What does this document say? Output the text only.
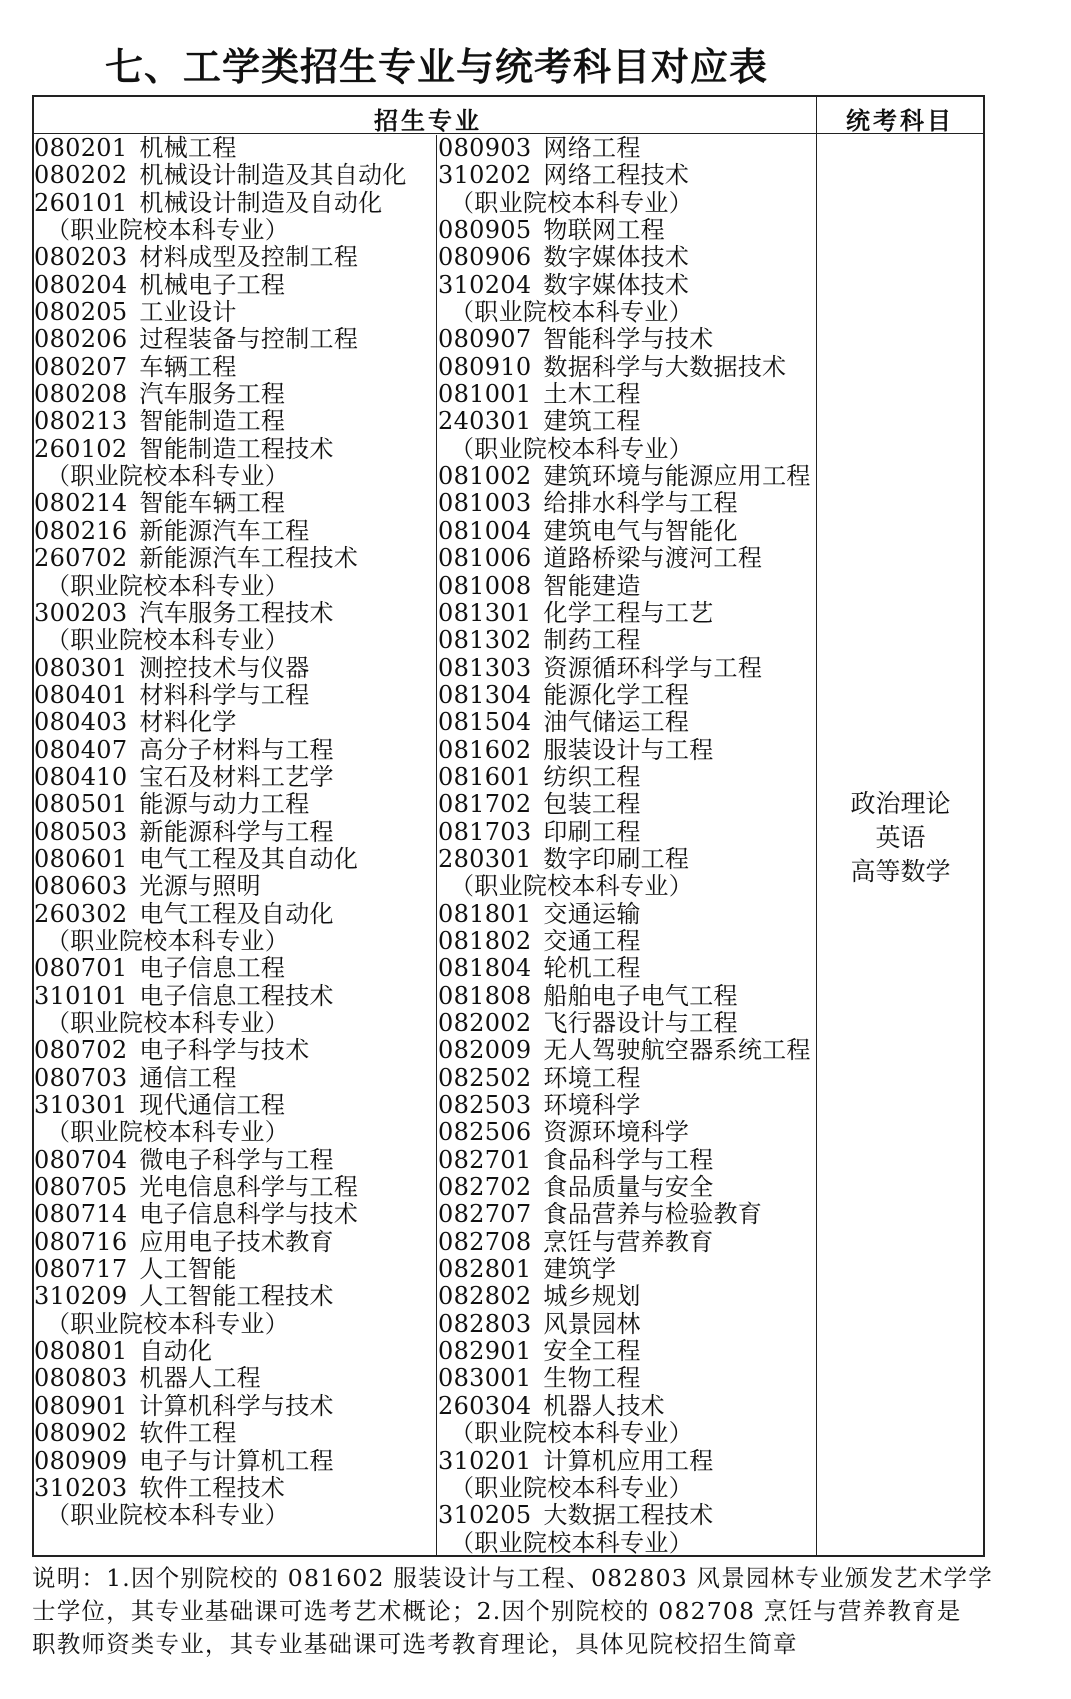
七、工学类招生专业与统考科目对应表
招生专业	统考科目
080201 机械工程
080202 机械设计制造及其自动化
260101 机械设计制造及自动化
（职业院校本科专业）
080203 材料成型及控制工程
080204 机械电子工程
080205 工业设计
080206 过程装备与控制工程
080207 车辆工程
080208 汽车服务工程
080213 智能制造工程
260102 智能制造工程技术
（职业院校本科专业）
080214 智能车辆工程
080216 新能源汽车工程
260702 新能源汽车工程技术
（职业院校本科专业）
300203 汽车服务工程技术
（职业院校本科专业）
080301 测控技术与仪器
080401 材料科学与工程
080403 材料化学
080407 高分子材料与工程
080410 宝石及材料工艺学
080501 能源与动力工程
080503 新能源科学与工程
080601 电气工程及其自动化
080603 光源与照明
260302 电气工程及自动化
（职业院校本科专业）
080701 电子信息工程
310101 电子信息工程技术
（职业院校本科专业）
080702 电子科学与技术
080703 通信工程
310301 现代通信工程
（职业院校本科专业）
080704 微电子科学与工程
080705 光电信息科学与工程
080714 电子信息科学与技术
080716 应用电子技术教育
080717 人工智能
310209 人工智能工程技术
（职业院校本科专业）
080801 自动化
080803 机器人工程
080901 计算机科学与技术
080902 软件工程
080909 电子与计算机工程
310203 软件工程技术
（职业院校本科专业）
080903 网络工程
310202 网络工程技术
（职业院校本科专业）
080905 物联网工程
080906 数字媒体技术
310204 数字媒体技术
（职业院校本科专业）
080907 智能科学与技术
080910 数据科学与大数据技术
081001 土木工程
240301 建筑工程
（职业院校本科专业）
081002 建筑环境与能源应用工程
081003 给排水科学与工程
081004 建筑电气与智能化
081006 道路桥梁与渡河工程
081008 智能建造
081301 化学工程与工艺
081302 制药工程
081303 资源循环科学与工程
081304 能源化学工程
081504 油气储运工程
081602 服装设计与工程
081601 纺织工程
081702 包装工程
081703 印刷工程
280301 数字印刷工程
（职业院校本科专业）
081801 交通运输
081802 交通工程
081804 轮机工程
081808 船舶电子电气工程
082002 飞行器设计与工程
082009 无人驾驶航空器系统工程
082502 环境工程
082503 环境科学
082506 资源环境科学
082701 食品科学与工程
082702 食品质量与安全
082707 食品营养与检验教育
082708 烹饪与营养教育
082801 建筑学
082802 城乡规划
082803 风景园林
082901 安全工程
083001 生物工程
260304 机器人技术
（职业院校本科专业）
310201 计算机应用工程
（职业院校本科专业）
310205 大数据工程技术
（职业院校本科专业）
政治理论
英语
高等数学
说明：1.因个别院校的 081602 服装设计与工程、082803 风景园林专业颁发艺术学学
士学位，其专业基础课可选考艺术概论；2.因个别院校的 082708 烹饪与营养教育是
职教师资类专业，其专业基础课可选考教育理论，具体见院校招生简章
